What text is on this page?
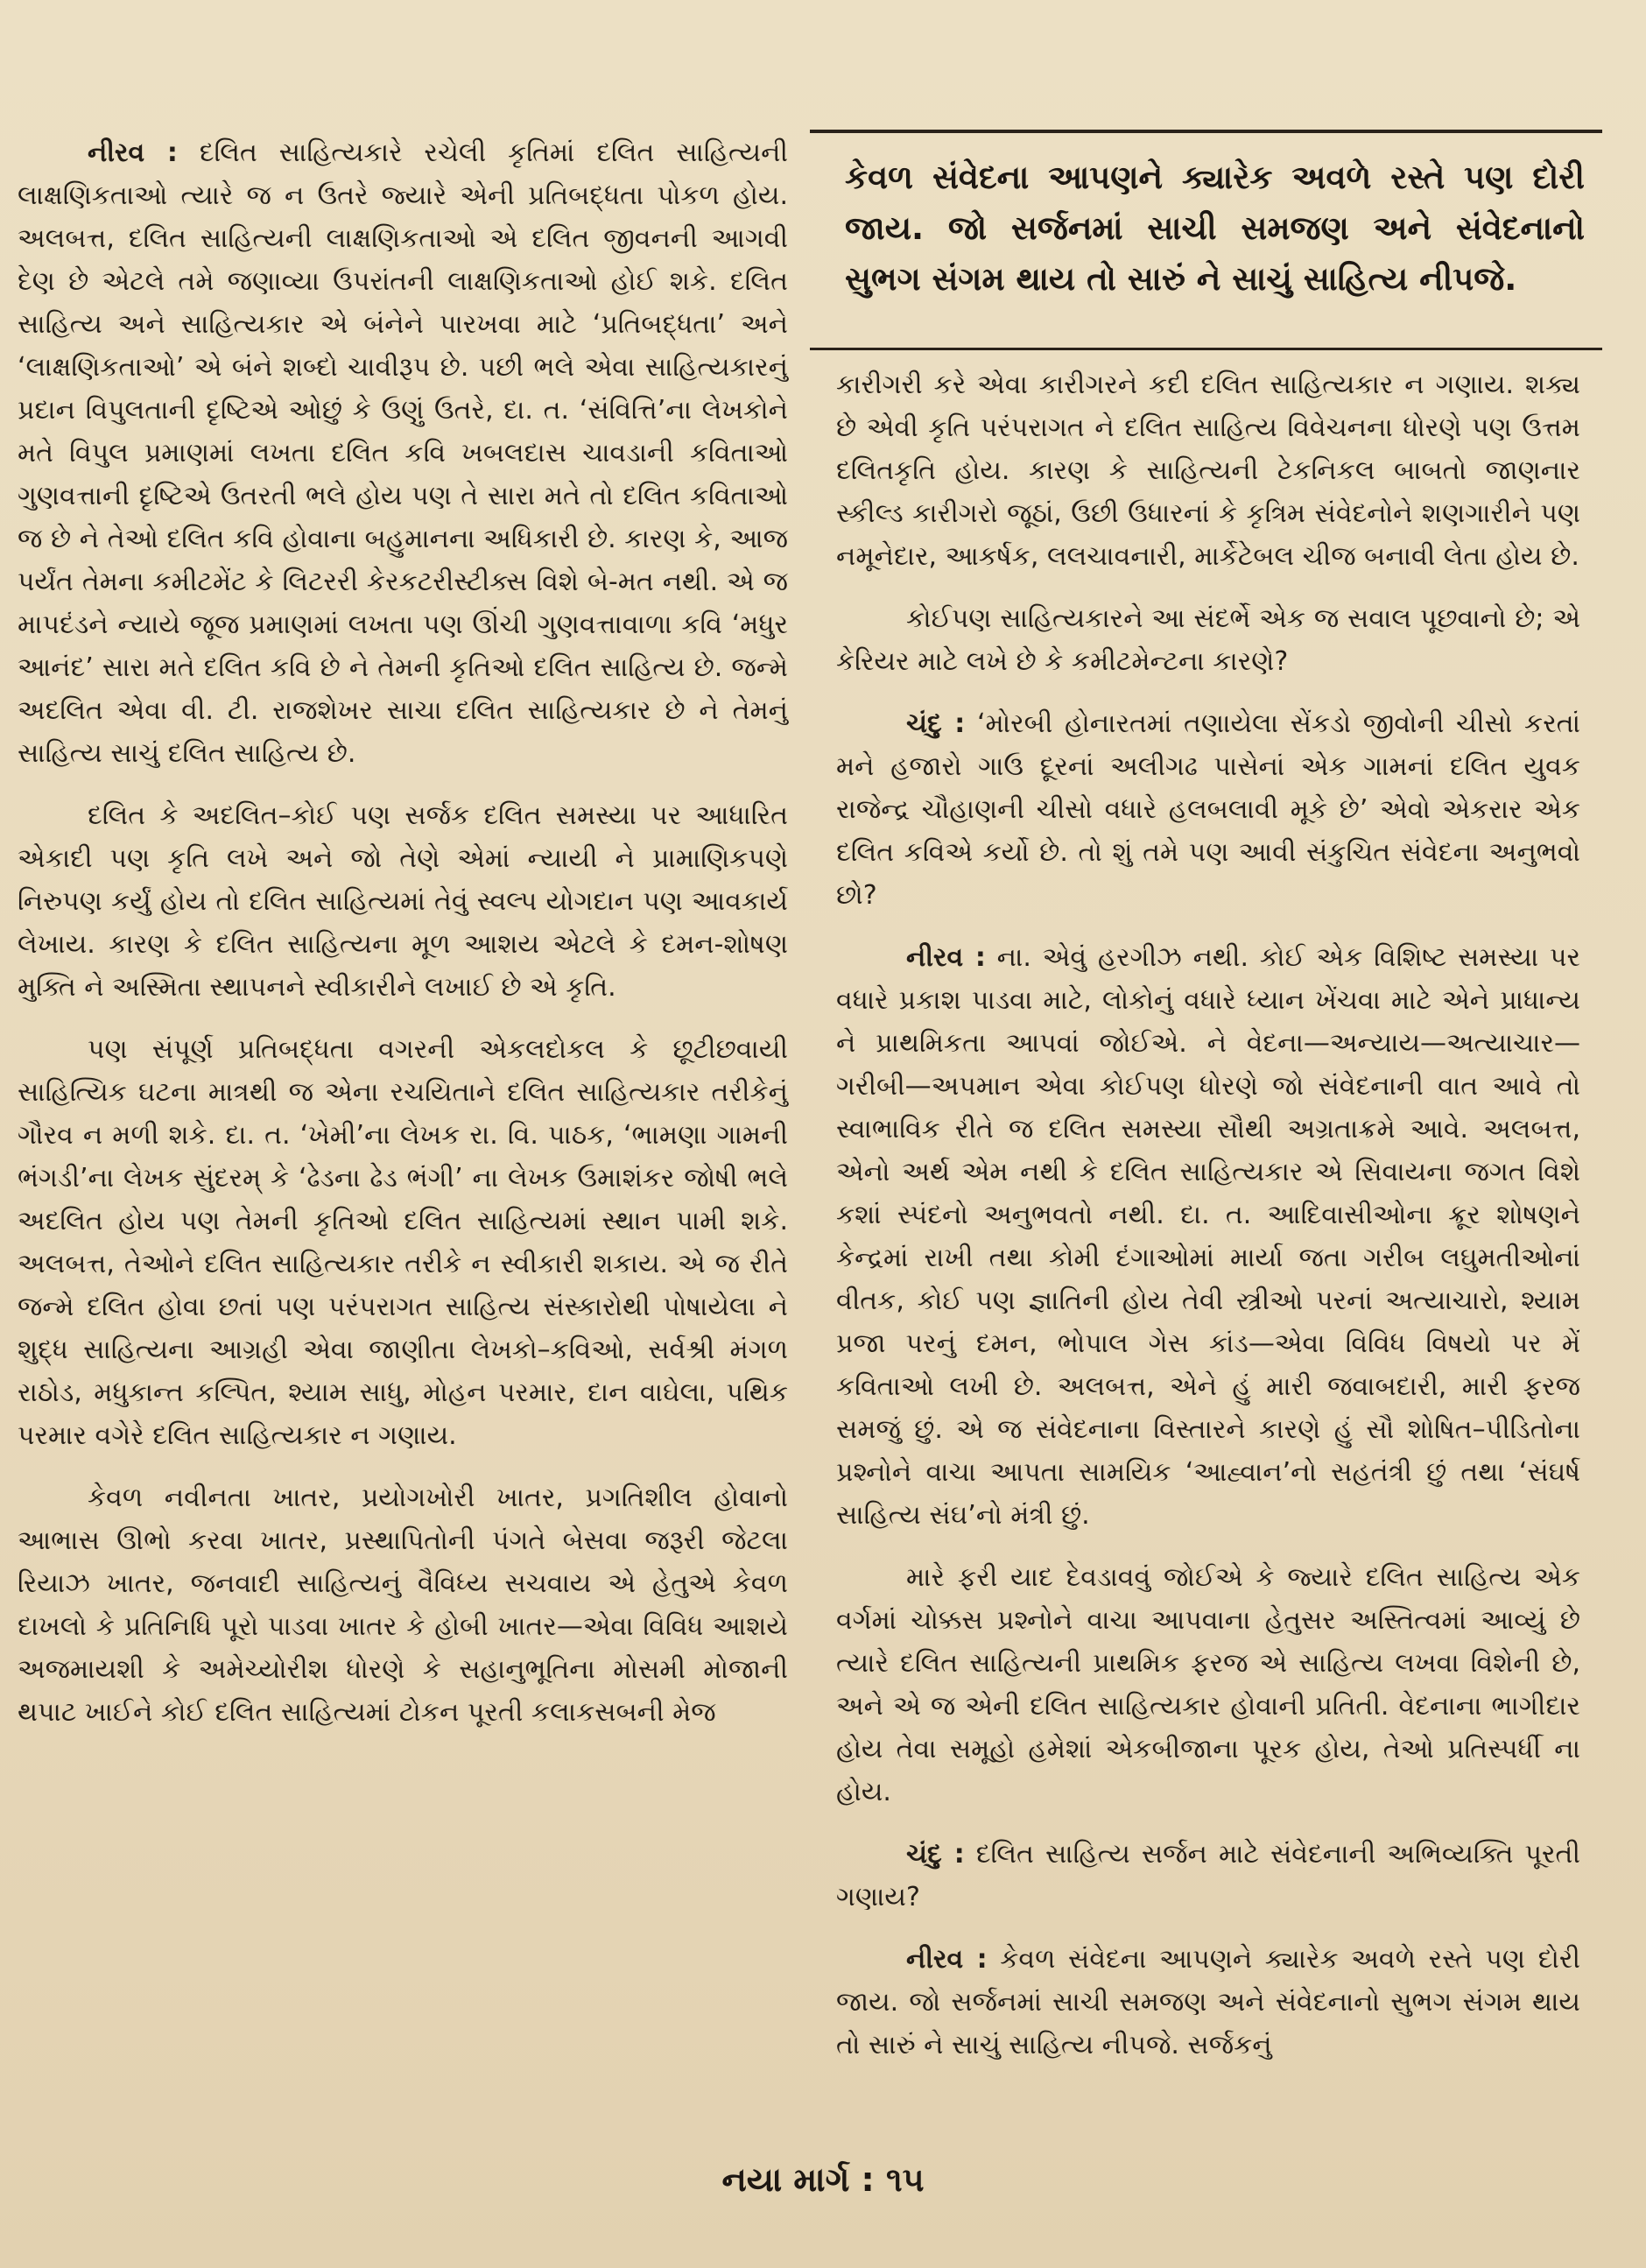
નીરવ : દલિત સાહિત્યકારે રચેલી કૃતિમાં દલિત સાહિત્યની લાક્ષણિકતાઓ ત્યારે જ ન ઉતરે જ્યારે એની પ્રતિબદ્ધતા પોકળ હોય. અલબત્ત, દલિત સાહિત્યની લાક્ષણિકતાઓ એ દલિત જીવનની આગવી દેણ છે એટલે તમે જણાવ્યા ઉપરાંતની લાક્ષણિકતાઓ હોઈ શકે. દલિત સાહિત્ય અને સાહિત્યકાર એ બંનેને પારખવા માટે ‘પ્રતિબદ્ધતા’ અને ‘લાક્ષણિકતાઓ’ એ બંને શબ્દો ચાવીરૂપ છે. પછી ભલે એવા સાહિત્યકારનું પ્રદાન વિપુલતાની દૃષ્ટિએ ઓછું કે ઉણું ઉતરે, દા. ત. ‘સંવિત્તિ’ના લેખકોને મતે વિપુલ પ્રમાણમાં લખતા દલિત કવિ ખબલદાસ ચાવડાની કવિતાઓ ગુણવત્તાની દૃષ્ટિએ ઉતરતી ભલે હોય પણ તે સારા મતે તો દલિત કવિતાઓ જ છે ને તેઓ દલિત કવિ હોવાના બહુમાનના અધિકારી છે. કારણ કે, આજ પર્યંત તેમના કમીટમેંટ કે લિટરરી કેરકટરીસ્ટીક્સ વિશે બે-મત નથી. એ જ માપદંડને ન્યાયે જૂજ પ્રમાણમાં લખતા પણ ઊંચી ગુણવત્તાવાળા કવિ ‘મધુર આનંદ’ સારા મતે દલિત કવિ છે ને તેમની કૃતિઓ દલિત સાહિત્ય છે. જન્મે અદલિત એવા વી. ટી. રાજશેખર સાચા દલિત સાહિત્યકાર છે ને તેમનું સાહિત્ય સાચું દલિત સાહિત્ય છે.

દલિત કે અદલિત–કોઈ પણ સર્જક દલિત સમસ્યા પર આધારિત એકાદી પણ કૃતિ લખે અને જો તેણે એમાં ન્યાયી ને પ્રામાણિકપણે નિરુપણ કર્યું હોય તો દલિત સાહિત્યમાં તેવું સ્વલ્પ યોગદાન પણ આવકાર્ય લેખાય. કારણ કે દલિત સાહિત્યના મૂળ આશય એટલે કે દમન-શોષણ મુક્તિ ને અસ્મિતા સ્થાપનને સ્વીકારીને લખાઈ છે એ કૃતિ.

પણ સંપૂર્ણ પ્રતિબદ્ધતા વગરની એકલદોકલ કે છૂટીછવાયી સાહિત્યિક ઘટના માત્રથી જ એના રચયિતાને દલિત સાહિત્યકાર તરીકેનું ગૌરવ ન મળી શકે. દા. ત. ‘ખેમી’ના લેખક રા. વિ. પાઠક, ‘ભામણા ગામની ભંગડી’ના લેખક સુંદરમ્ કે ‘ઢેડના ઢેડ ભંગી’ ના લેખક ઉમાશંકર જોષી ભલે અદલિત હોય પણ તેમની કૃતિઓ દલિત સાહિત્યમાં સ્થાન પામી શકે. અલબત્ત, તેઓને દલિત સાહિત્યકાર તરીકે ન સ્વીકારી શકાય. એ જ રીતે જન્મે દલિત હોવા છતાં પણ પરંપરાગત સાહિત્ય સંસ્કારોથી પોષાયેલા ને શુદ્ધ સાહિત્યના આગ્રહી એવા જાણીતા લેખકો–કવિઓ, સર્વશ્રી મંગળ રાઠોડ, મધુકાન્ત કલ્પિત, શ્યામ સાધુ, મોહન પરમાર, દાન વાઘેલા, પથિક પરમાર વગેરે દલિત સાહિત્યકાર ન ગણાય.

કેવળ નવીનતા ખાતર, પ્રયોગખોરી ખાતર, પ્રગતિશીલ હોવાનો આભાસ ઊભો કરવા ખાતર, પ્રસ્થાપિતોની પંગતે બેસવા જરૂરી જેટલા રિયાઝ ખાતર, જનવાદી સાહિત્યનું વૈવિધ્ય સચવાય એ હેતુએ કેવળ દાખલો કે પ્રતિનિધિ પૂરો પાડવા ખાતર કે હોબી ખાતર—એવા વિવિધ આશયે અજમાયશી કે અમેચ્યોરીશ ધોરણે કે સહાનુભૂતિના મોસમી મોજાની થપાટ ખાઈને કોઈ દલિત સાહિત્યમાં ટોકન પૂરતી કલાકસબની મેજ

કેવળ સંવેદના આપણને ક્યારેક અવળે રસ્તે પણ દોરી જાય. જો સર્જનમાં સાચી સમજણ અને સંવેદનાનો સુભગ સંગમ થાય તો સારું ને સાચું સાહિત્ય નીપજે.

કારીગરી કરે એવા કારીગરને કદી દલિત સાહિત્યકાર ન ગણાય. શક્ય છે એવી કૃતિ પરંપરાગત ને દલિત સાહિત્ય વિવેચનના ધોરણે પણ ઉત્તમ દલિતકૃતિ હોય. કારણ કે સાહિત્યની ટેકનિકલ બાબતો જાણનાર સ્કીલ્ડ કારીગરો જૂઠાં, ઉછી ઉધારનાં કે કૃત્રિમ સંવેદનોને શણગારીને પણ નમૂનેદાર, આકર્ષક, લલચાવનારી, માર્કેટેબલ ચીજ બનાવી લેતા હોય છે.

કોઈપણ સાહિત્યકારને આ સંદર્ભે એક જ સવાલ પૂછવાનો છે; એ કેરિયર માટે લખે છે કે કમીટમેન્ટના કારણે?

ચંદુ : ‘મોરબી હોનારતમાં તણાયેલા સેંકડો જીવોની ચીસો કરતાં મને હજારો ગાઉ દૂરનાં અલીગઢ પાસેનાં એક ગામનાં દલિત યુવક રાજેન્દ્ર ચૌહાણની ચીસો વધારે હલબલાવી મૂકે છે’ એવો એકરાર એક દલિત કવિએ કર્યો છે. તો શું તમે પણ આવી સંકુચિત સંવેદના અનુભવો છો?

નીરવ : ના. એવું હરગીઝ નથી. કોઈ એક વિશિષ્ટ સમસ્યા પર વધારે પ્રકાશ પાડવા માટે, લોકોનું વધારે ધ્યાન ખેંચવા માટે એને પ્રાધાન્ય ને પ્રાથમિકતા આપવાં જોઈએ. ને વેદના—અન્યાય—અત્યાચાર—ગરીબી—અપમાન એવા કોઈપણ ધોરણે જો સંવેદનાની વાત આવે તો સ્વાભાવિક રીતે જ દલિત સમસ્યા સૌથી અગ્રતાક્રમે આવે. અલબત્ત, એનો અર્થ એમ નથી કે દલિત સાહિત્યકાર એ સિવાયના જગત વિશે કશાં સ્પંદનો અનુભવતો નથી. દા. ત. આદિવાસીઓના ક્રૂર શોષણને કેન્દ્રમાં રાખી તથા કોમી દંગાઓમાં માર્યા જતા ગરીબ લઘુમતીઓનાં વીતક, કોઈ પણ જ્ઞાતિની હોય તેવી સ્ત્રીઓ પરનાં અત્યાચારો, શ્યામ પ્રજા પરનું દમન, ભોપાલ ગેસ કાંડ—એવા વિવિધ વિષયો પર મેં કવિતાઓ લખી છે. અલબત્ત, એને હું મારી જવાબદારી, મારી ફરજ સમજું છું. એ જ સંવેદનાના વિસ્તારને કારણે હું સૌ શોષિત–પીડિતોના પ્રશ્નોને વાચા આપતા સામયિક ‘આહ્વાન’નો સહતંત્રી છું તથા ‘સંઘર્ષ સાહિત્ય સંઘ’નો મંત્રી છું.

મારે ફરી યાદ દેવડાવવું જોઈએ કે જ્યારે દલિત સાહિત્ય એક વર્ગમાં ચોક્કસ પ્રશ્નોને વાચા આપવાના હેતુસર અસ્તિત્વમાં આવ્યું છે ત્યારે દલિત સાહિત્યની પ્રાથમિક ફરજ એ સાહિત્ય લખવા વિશેની છે, અને એ જ એની દલિત સાહિત્યકાર હોવાની પ્રતિતી. વેદનાના ભાગીદાર હોય તેવા સમૂહો હમેશાં એકબીજાના પૂરક હોય, તેઓ પ્રતિસ્પર્ધી ના હોય.

ચંદુ : દલિત સાહિત્ય સર્જન માટે સંવેદનાની અભિવ્યક્તિ પૂરતી ગણાય?

નીરવ : કેવળ સંવેદના આપણને ક્યારેક અવળે રસ્તે પણ દોરી જાય. જો સર્જનમાં સાચી સમજણ અને સંવેદનાનો સુભગ સંગમ થાય તો સારું ને સાચું સાહિત્ય નીપજે. સર્જકનું

નયા માર્ગ : ૧૫
